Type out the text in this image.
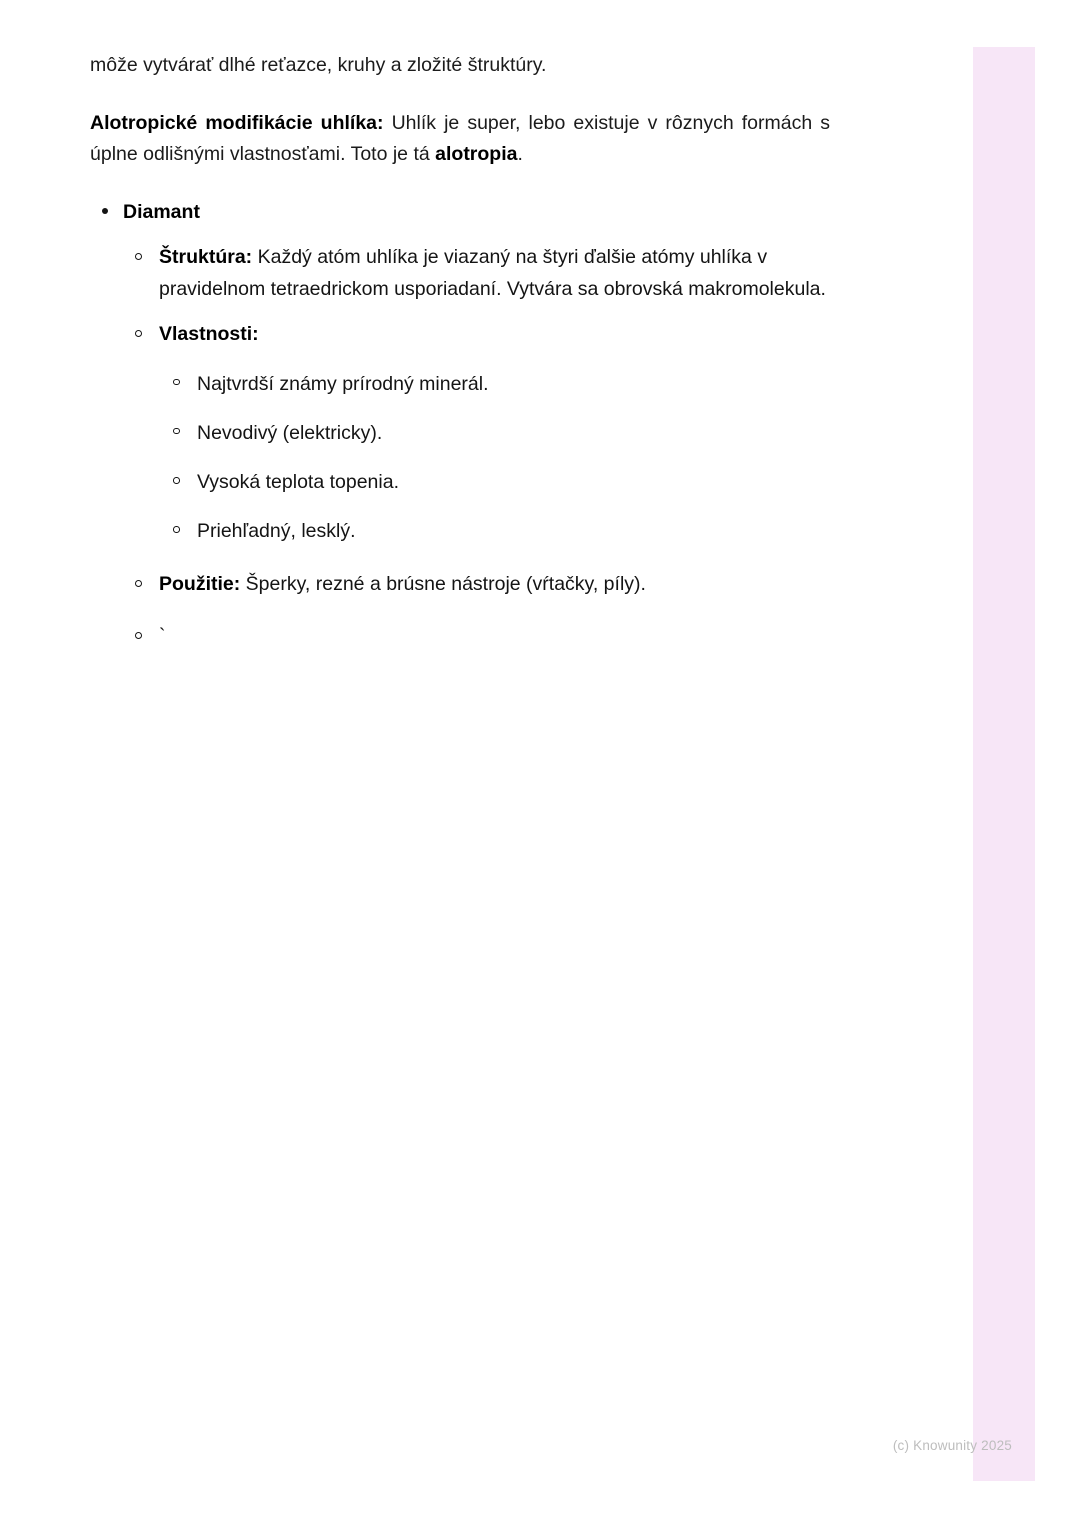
môže vytvárať dlhé reťazce, kruhy a zložité štruktúry.

Alotropické modifikácie uhlíka: Uhlík je super, lebo existuje v rôznych formách s úplne odlišnými vlastnosťami. Toto je tá alotropia.

Diamant
Štruktúra: Každý atóm uhlíka je viazaný na štyri ďalšie atómy uhlíka v pravidelnom tetraedrickom usporiadaní. Vytvára sa obrovská makromolekula.
Vlastnosti:
Najtvrdší známy prírodný minerál.
Nevodivý (elektricky).
Vysoká teplota topenia.
Priehľadný, lesklý.
Použitie: Šperky, rezné a brúsne nástroje (vŕtačky, píly).
`
(c) Knowunity 2025
